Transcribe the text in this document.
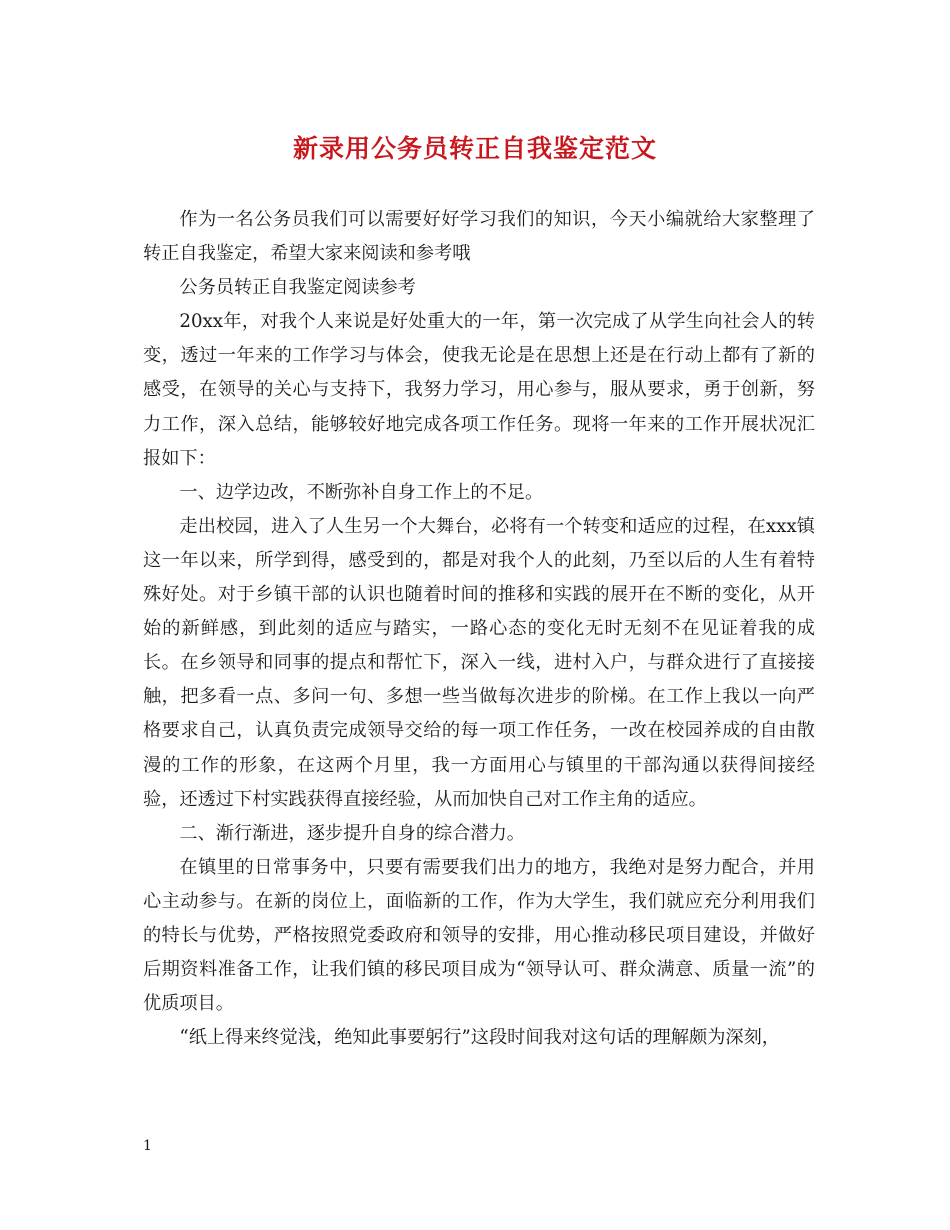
新录用公务员转正自我鉴定范文

作为一名公务员我们可以需要好好学习我们的知识，今天小编就给大家整理了转正自我鉴定，希望大家来阅读和参考哦

公务员转正自我鉴定阅读参考

20xx年，对我个人来说是好处重大的一年，第一次完成了从学生向社会人的转变，透过一年来的工作学习与体会，使我无论是在思想上还是在行动上都有了新的感受，在领导的关心与支持下，我努力学习，用心参与，服从要求，勇于创新，努力工作，深入总结，能够较好地完成各项工作任务。现将一年来的工作开展状况汇报如下：

一、边学边改，不断弥补自身工作上的不足。

走出校园，进入了人生另一个大舞台，必将有一个转变和适应的过程，在xxx镇这一年以来，所学到得，感受到的，都是对我个人的此刻，乃至以后的人生有着特殊好处。对于乡镇干部的认识也随着时间的推移和实践的展开在不断的变化，从开始的新鲜感，到此刻的适应与踏实，一路心态的变化无时无刻不在见证着我的成长。在乡领导和同事的提点和帮忙下，深入一线，进村入户，与群众进行了直接接触，把多看一点、多问一句、多想一些当做每次进步的阶梯。在工作上我以一向严格要求自己，认真负责完成领导交给的每一项工作任务，一改在校园养成的自由散漫的工作的形象，在这两个月里，我一方面用心与镇里的干部沟通以获得间接经验，还透过下村实践获得直接经验，从而加快自己对工作主角的适应。

二、渐行渐进，逐步提升自身的综合潜力。

在镇里的日常事务中，只要有需要我们出力的地方，我绝对是努力配合，并用心主动参与。在新的岗位上，面临新的工作，作为大学生，我们就应充分利用我们的特长与优势，严格按照党委政府和领导的安排，用心推动移民项目建设，并做好后期资料准备工作，让我们镇的移民项目成为“领导认可、群众满意、质量一流”的优质项目。

“纸上得来终觉浅，绝知此事要躬行”这段时间我对这句话的理解颇为深刻，

1
